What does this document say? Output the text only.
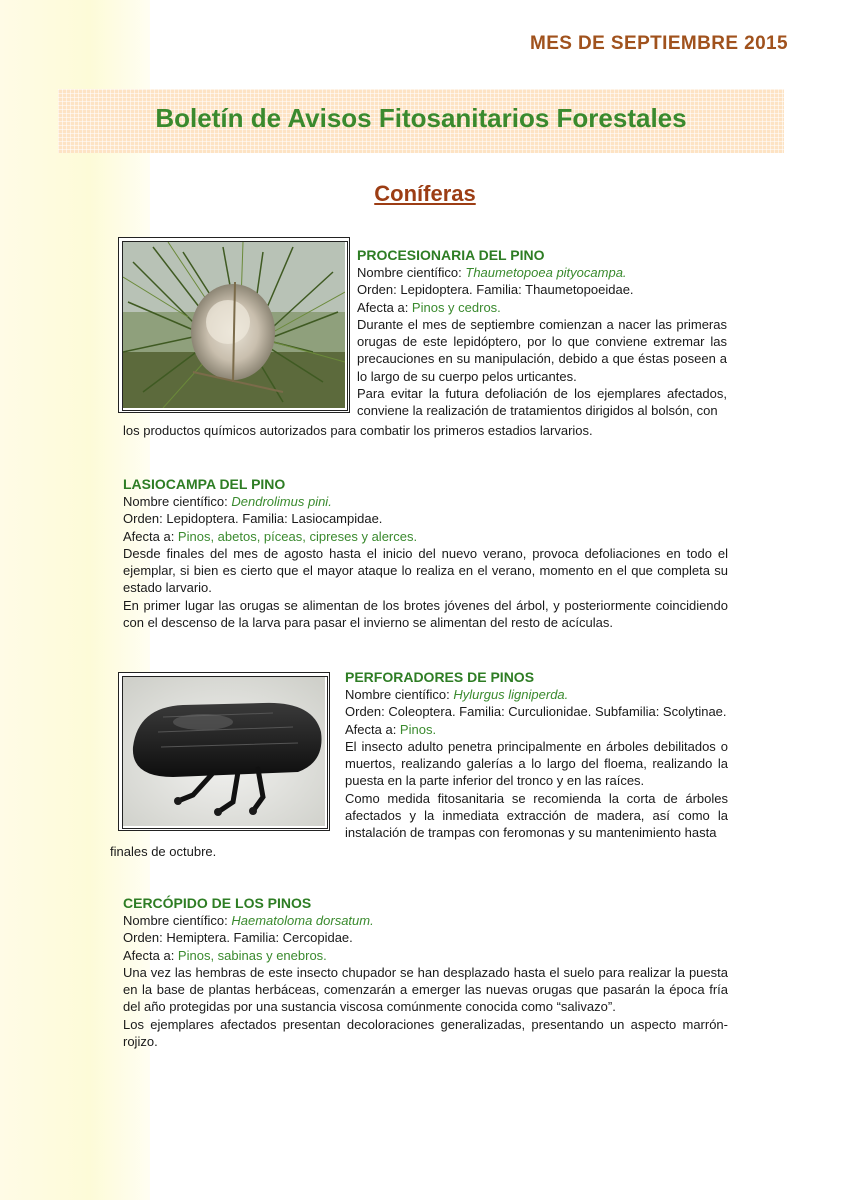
MES DE SEPTIEMBRE 2015
Boletín de Avisos Fitosanitarios Forestales
Coníferas

PROCESIONARIA DEL PINO

Nombre científico: Thaumetopoea pityocampa.

Orden: Lepidoptera. Familia: Thaumetopoeidae.

Afecta a: Pinos y cedros.

Durante el mes de septiembre comienzan a nacer las primeras orugas de este lepidóptero, por lo que conviene extremar las precauciones en su manipulación, debido a que éstas poseen a lo largo de su cuerpo pelos urticantes.

Para evitar la futura defoliación de los ejemplares afectados, conviene la realización de tratamientos dirigidos al bolsón, con

los productos químicos autorizados para combatir los primeros estadios larvarios.

LASIOCAMPA DEL PINO

Nombre científico: Dendrolimus pini.

Orden: Lepidoptera. Familia: Lasiocampidae.

Afecta a: Pinos, abetos, píceas, cipreses y alerces.

Desde finales del mes de agosto hasta el inicio del nuevo verano, provoca defoliaciones en todo el ejemplar, si bien es cierto que el mayor ataque lo realiza en el verano, momento en el que completa su estado larvario.

En primer lugar las orugas se alimentan de los brotes jóvenes del árbol, y posteriormente coincidiendo con el descenso de la larva para pasar el invierno se alimentan del resto de acículas.

PERFORADORES DE PINOS

Nombre científico: Hylurgus ligniperda.

Orden: Coleoptera. Familia: Curculionidae. Subfamilia: Scolytinae.

Afecta a: Pinos.

El insecto adulto penetra principalmente en árboles debilitados o muertos, realizando galerías a lo largo del floema, realizando la puesta en la parte inferior del tronco y en las raíces.

Como medida fitosanitaria se recomienda la corta de árboles afectados y la inmediata extracción de madera, así como la instalación de trampas con feromonas y su mantenimiento hasta

finales de octubre.

CERCÓPIDO DE LOS PINOS

Nombre científico: Haematoloma dorsatum.

Orden: Hemiptera. Familia: Cercopidae.

Afecta a: Pinos, sabinas y enebros.

Una vez las hembras de este insecto chupador se han desplazado hasta el suelo para realizar la puesta en la base de plantas herbáceas, comenzarán a emerger las nuevas orugas que pasarán la época fría del año protegidas por una sustancia viscosa comúnmente conocida como “salivazo”.

Los ejemplares afectados presentan decoloraciones generalizadas, presentando un aspecto marrón-rojizo.
